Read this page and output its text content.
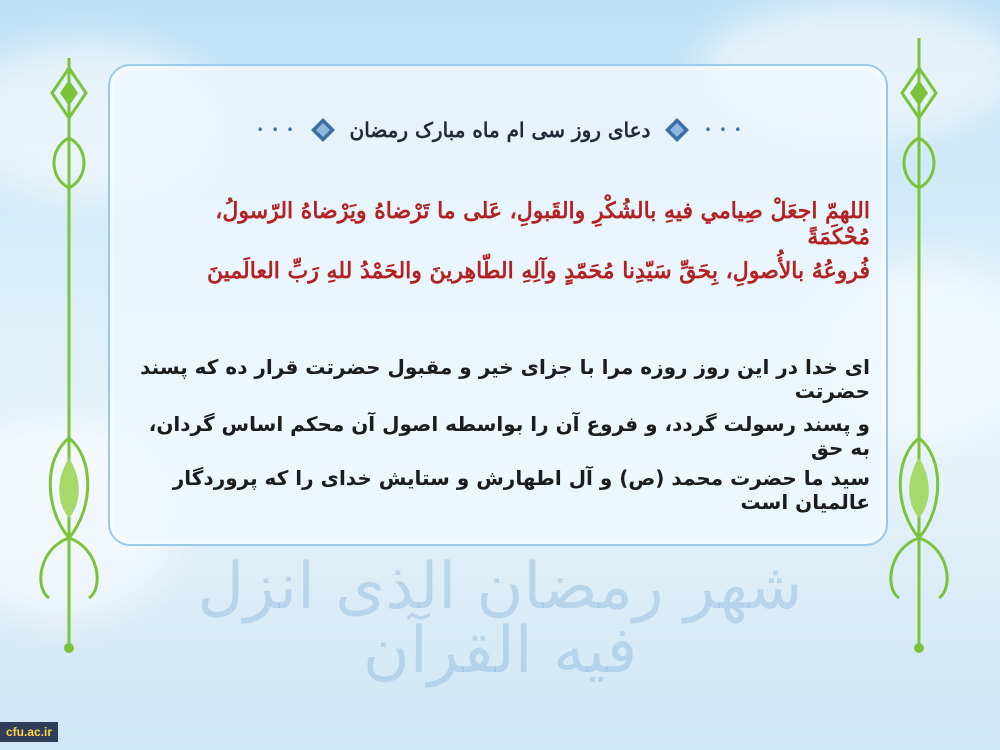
شهر رمضان الذی انزل فیه القرآن
• • •	دعای روز سی ام ماه مبارک رمضان	• • •
اللهمّ اجعَلْ صِيامي فيهِ بالشُكْرِ والقَبولِ، عَلى ما تَرْضاهُ ويَرْضاهُ الرّسولُ، مُحْكَمَةً
فُروعُهُ بالأُصولِ، بِحَقِّ سَيّدِنا مُحَمّدٍ وآلِهِ الطّاهِرينَ والحَمْدُ للهِ رَبِّ العالَمينَ
ای خدا در این روز روزه مرا با جزای خیر و مقبول حضرتت قرار ده که پسند حضرتت
و پسند رسولت گردد، و فروع آن را بواسطه اصول آن محکم اساس گردان، به حق
سید ما حضرت محمد (ص) و آل اطهارش و ستایش خدای را که پروردگار عالمیان است
cfu.ac.ir
